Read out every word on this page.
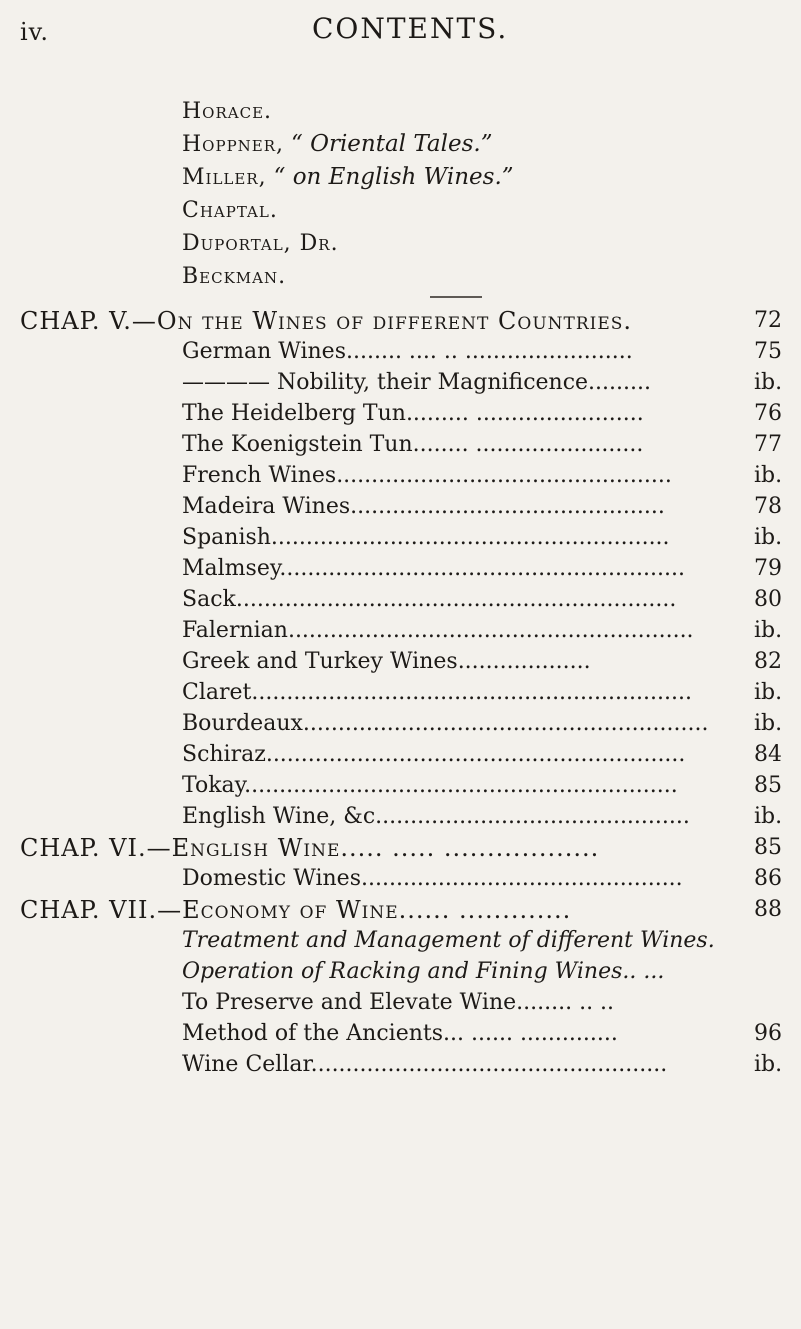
iv.	CONTENTS.
Horace.
Hoppner, “ Oriental Tales.”
Miller, “ on English Wines.”
Chaptal.
Duportal, Dr.
Beckman.
CHAP. V.—On the Wines of different Countries.	72
German Wines........ .... .. ........................	75
———— Nobility, their Magnificence.........	ib.
The Heidelberg Tun......... ........................	76
The Koenigstein Tun........ ........................	77
French Wines................................................	ib.
Madeira Wines.............................................	78
Spanish.........................................................	ib.
Malmsey..........................................................	79
Sack...............................................................	80
Falernian..........................................................	ib.
Greek and Turkey Wines...................	82
Claret...............................................................	ib.
Bourdeaux..........................................................	ib.
Schiraz............................................................	84
Tokay..............................................................	85
English Wine, &c.............................................	ib.
CHAP. VI.—English Wine..... ..... ..................	85
Domestic Wines..............................................	86
CHAP. VII.—Economy of Wine...... .............	88
Treatment and Management of different Wines.
Operation of Racking and Fining Wines.. ...
To Preserve and Elevate Wine........ .. ..
Method of the Ancients... ...... ..............	96
Wine Cellar...................................................	ib.
